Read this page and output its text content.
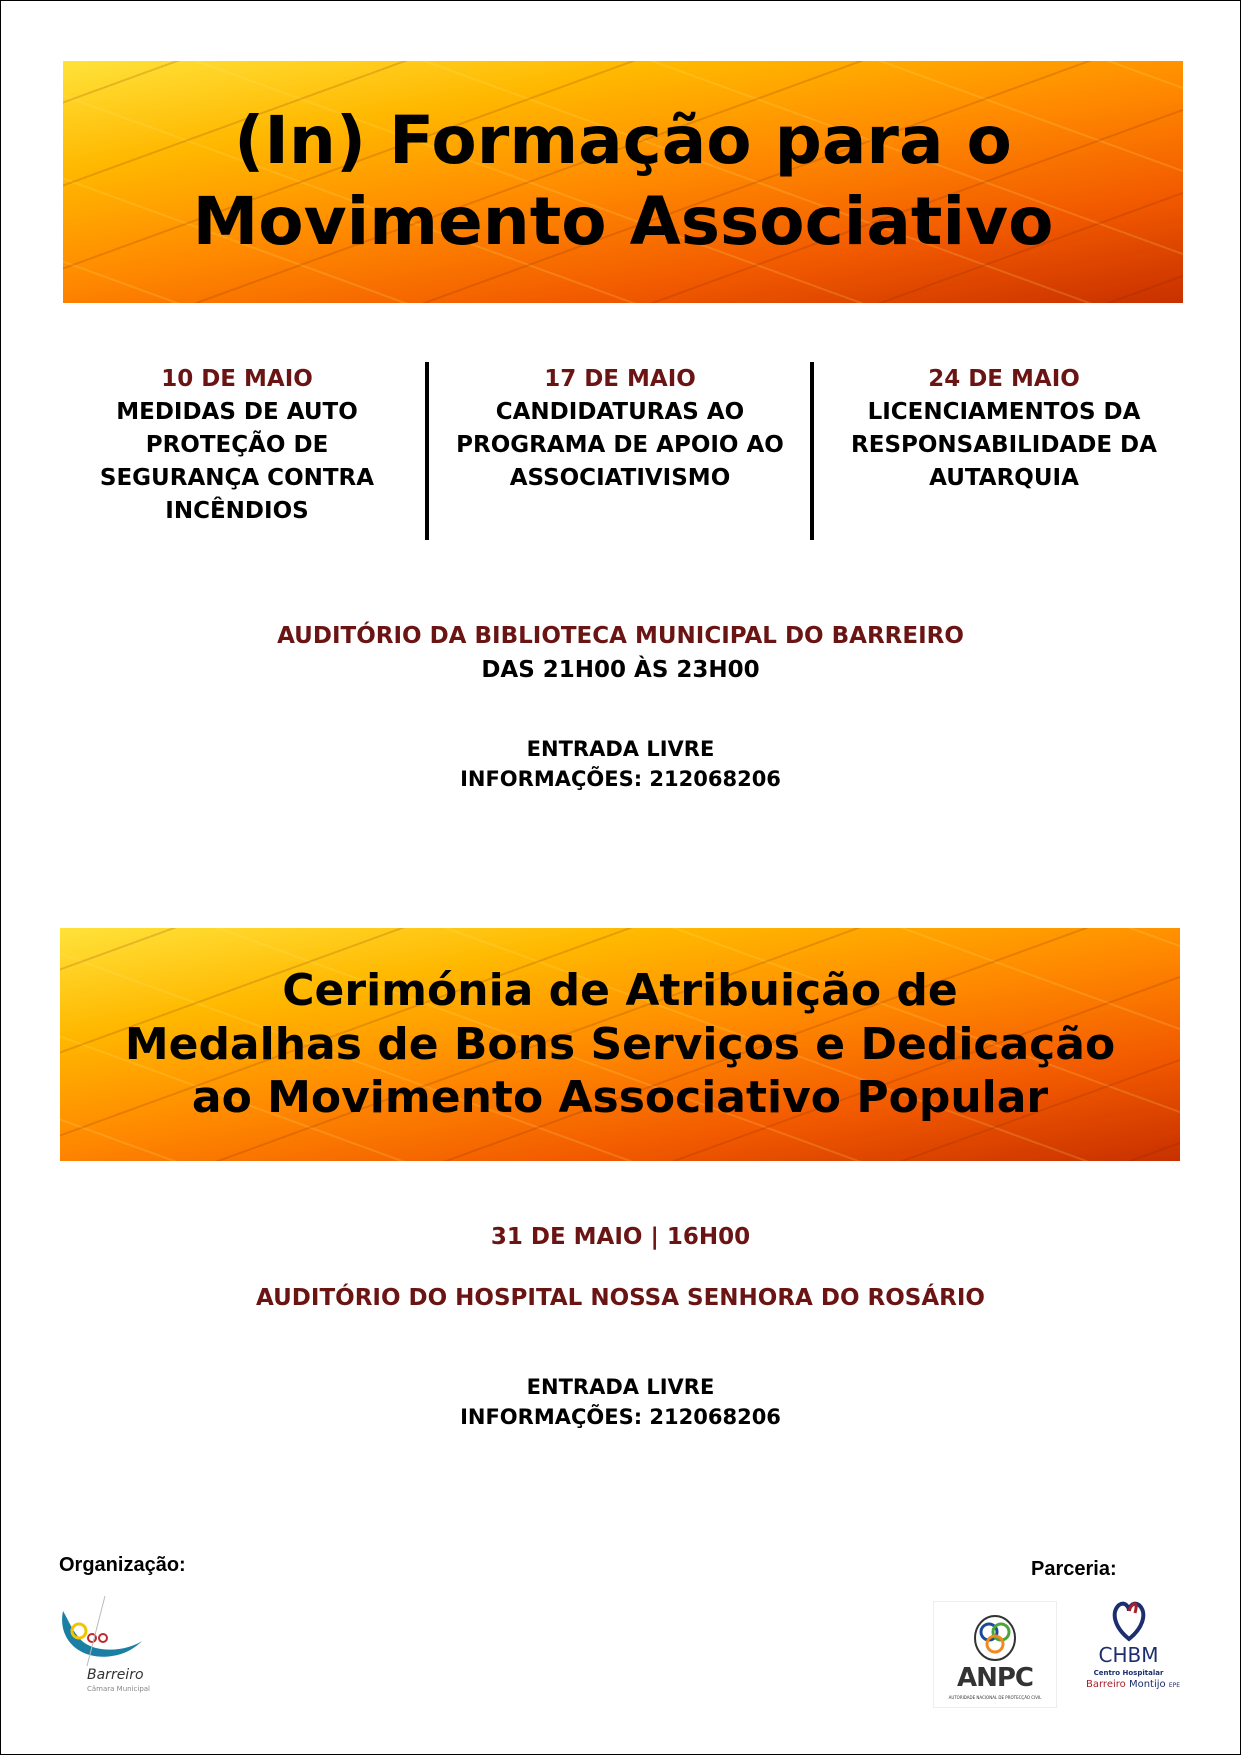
(In) Formação para o
Movimento Associativo
10 DE MAIO
MEDIDAS DE AUTO PROTEÇÃO DE SEGURANÇA CONTRA INCÊNDIOS
17 DE MAIO
CANDIDATURAS AO PROGRAMA DE APOIO AO ASSOCIATIVISMO
24 DE MAIO
LICENCIAMENTOS DA RESPONSABILIDADE DA AUTARQUIA
AUDITÓRIO DA BIBLIOTECA MUNICIPAL DO BARREIRO
DAS 21H00 ÀS 23H00
ENTRADA LIVRE
INFORMAÇÕES: 212068206
Cerimónia de Atribuição de
Medalhas de Bons Serviços e Dedicação
ao Movimento Associativo Popular
31 DE MAIO | 16H00
AUDITÓRIO DO HOSPITAL NOSSA SENHORA DO ROSÁRIO
ENTRADA LIVRE
INFORMAÇÕES: 212068206
Organização:	Parceria:
Barreiro
Câmara Municipal	ANPC
AUTORIDADE NACIONAL DE PROTECÇÃO CIVIL
CHBM
Centro Hospitalar
Barreiro Montijo EPE
